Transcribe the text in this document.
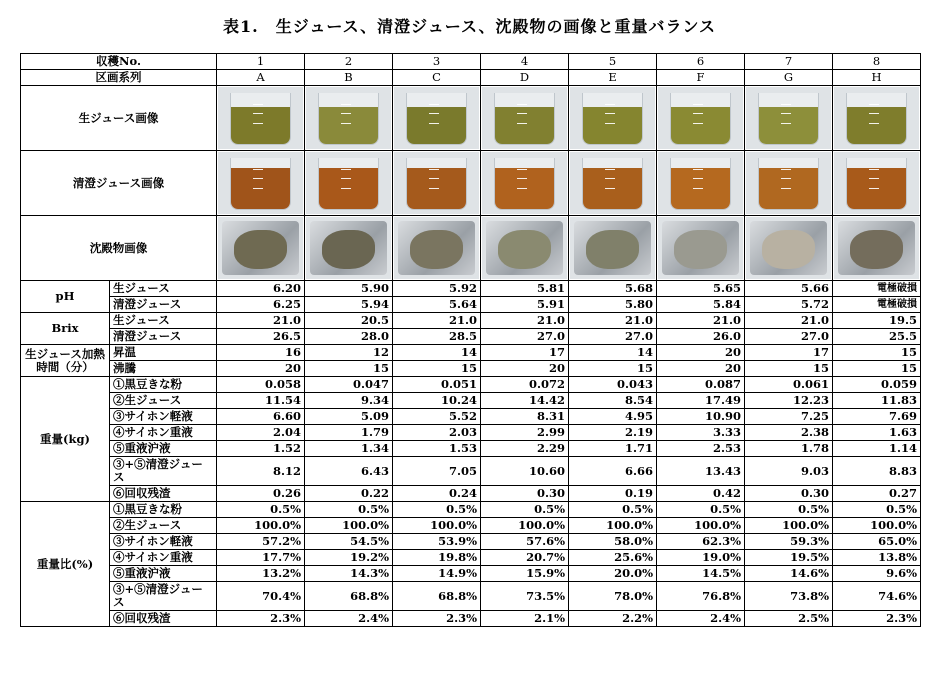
表1.　生ジュース、清澄ジュース、沈殿物の画像と重量バランス
収穫No.		1	2	3	4	5	6	7	8
区画系列		A	B	C	D	E	F	G	H
生ジュース画像		

清澄ジュース画像		

沈殿物画像		

pH	生ジュース	6.20	5.90	5.92	5.81	5.68	5.65	5.66	電極破損
	清澄ジュース	6.25	5.94	5.64	5.91	5.80	5.84	5.72	電極破損
Brix	生ジュース	21.0	20.5	21.0	21.0	21.0	21.0	21.0	19.5
	清澄ジュース	26.5	28.0	28.5	27.0	27.0	26.0	27.0	25.5
生ジュース加熱時間（分）	昇温	16	12	14	17	14	20	17	15
	沸騰	20	15	15	20	15	20	15	15
重量(kg)	①黒豆きな粉	0.058	0.047	0.051	0.072	0.043	0.087	0.061	0.059
	②生ジュース	11.54	9.34	10.24	14.42	8.54	17.49	12.23	11.83
	③サイホン軽液	6.60	5.09	5.52	8.31	4.95	10.90	7.25	7.69
	④サイホン重液	2.04	1.79	2.03	2.99	2.19	3.33	2.38	1.63
	⑤重液沪液	1.52	1.34	1.53	2.29	1.71	2.53	1.78	1.14
	③+⑤清澄ジュース	8.12	6.43	7.05	10.60	6.66	13.43	9.03	8.83
	⑥回収残渣	0.26	0.22	0.24	0.30	0.19	0.42	0.30	0.27
重量比(%)	①黒豆きな粉	0.5%	0.5%	0.5%	0.5%	0.5%	0.5%	0.5%	0.5%
	②生ジュース	100.0%	100.0%	100.0%	100.0%	100.0%	100.0%	100.0%	100.0%
	③サイホン軽液	57.2%	54.5%	53.9%	57.6%	58.0%	62.3%	59.3%	65.0%
	④サイホン重液	17.7%	19.2%	19.8%	20.7%	25.6%	19.0%	19.5%	13.8%
	⑤重液沪液	13.2%	14.3%	14.9%	15.9%	20.0%	14.5%	14.6%	9.6%
	③+⑤清澄ジュース	70.4%	68.8%	68.8%	73.5%	78.0%	76.8%	73.8%	74.6%
	⑥回収残渣	2.3%	2.4%	2.3%	2.1%	2.2%	2.4%	2.5%	2.3%
